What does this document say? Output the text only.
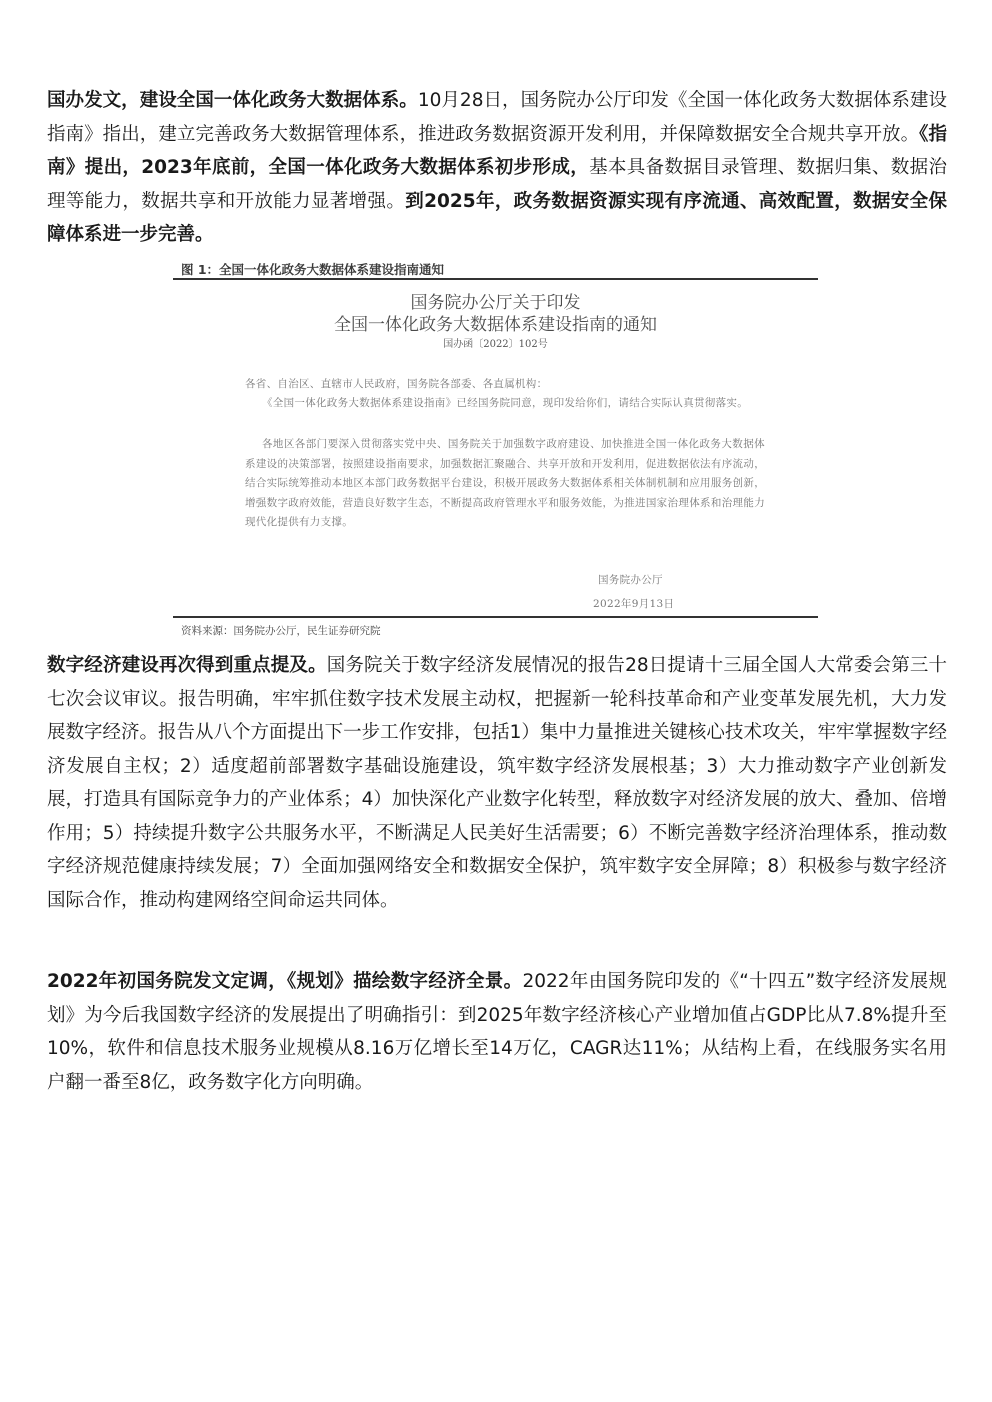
国办发文，建设全国一体化政务大数据体系。10月28日，国务院办公厅印发《全国一体化政务大数据体系建设指南》指出，建立完善政务大数据管理体系，推进政务数据资源开发利用，并保障数据安全合规共享开放。《指南》提出，2023年底前，全国一体化政务大数据体系初步形成，基本具备数据目录管理、数据归集、数据治理等能力，数据共享和开放能力显著增强。到2025年，政务数据资源实现有序流通、高效配置，数据安全保障体系进一步完善。

图 1：全国一体化政务大数据体系建设指南通知
国务院办公厅关于印发
全国一体化政务大数据体系建设指南的通知
国办函〔2022〕102号
各省、自治区、直辖市人民政府，国务院各部委、各直属机构：
《全国一体化政务大数据体系建设指南》已经国务院同意，现印发给你们，请结合实际认真贯彻落实。
各地区各部门要深入贯彻落实党中央、国务院关于加强数字政府建设、加快推进全国一体化政务大数据体系建设的决策部署，按照建设指南要求，加强数据汇聚融合、共享开放和开发利用，促进数据依法有序流动，结合实际统筹推动本地区本部门政务数据平台建设，积极开展政务大数据体系相关体制机制和应用服务创新，增强数字政府效能，营造良好数字生态，不断提高政府管理水平和服务效能，为推进国家治理体系和治理能力现代化提供有力支撑。
国务院办公厅
2022年9月13日
资料来源：国务院办公厅，民生证券研究院

数字经济建设再次得到重点提及。国务院关于数字经济发展情况的报告28日提请十三届全国人大常委会第三十七次会议审议。报告明确，牢牢抓住数字技术发展主动权，把握新一轮科技革命和产业变革发展先机，大力发展数字经济。报告从八个方面提出下一步工作安排，包括1）集中力量推进关键核心技术攻关，牢牢掌握数字经济发展自主权；2）适度超前部署数字基础设施建设，筑牢数字经济发展根基；3）大力推动数字产业创新发展，打造具有国际竞争力的产业体系；4）加快深化产业数字化转型，释放数字对经济发展的放大、叠加、倍增作用；5）持续提升数字公共服务水平，不断满足人民美好生活需要；6）不断完善数字经济治理体系，推动数字经济规范健康持续发展；7）全面加强网络安全和数据安全保护，筑牢数字安全屏障；8）积极参与数字经济国际合作，推动构建网络空间命运共同体。

2022年初国务院发文定调，《规划》描绘数字经济全景。2022年由国务院印发的《“十四五”数字经济发展规划》为今后我国数字经济的发展提出了明确指引：到2025年数字经济核心产业增加值占GDP比从7.8%提升至10%，软件和信息技术服务业规模从8.16万亿增长至14万亿，CAGR达11%；从结构上看，在线服务实名用户翻一番至8亿，政务数字化方向明确。
